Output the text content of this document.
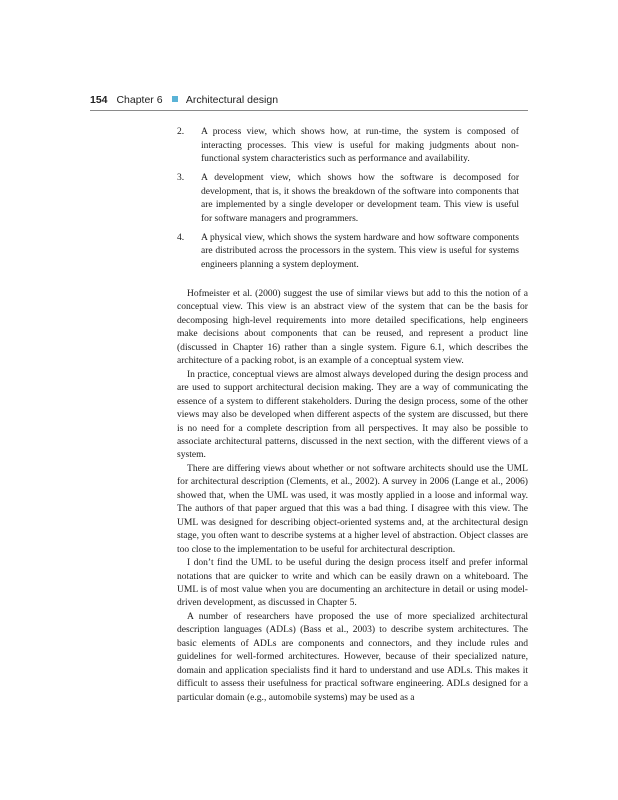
154 Chapter 6 Architectural design
2. A process view, which shows how, at run-time, the system is composed of interacting processes. This view is useful for making judgments about non-functional system characteristics such as performance and availability.
3. A development view, which shows how the software is decomposed for development, that is, it shows the breakdown of the software into components that are implemented by a single developer or development team. This view is useful for software managers and programmers.
4. A physical view, which shows the system hardware and how software components are distributed across the processors in the system. This view is useful for systems engineers planning a system deployment.

Hofmeister et al. (2000) suggest the use of similar views but add to this the notion of a conceptual view. This view is an abstract view of the system that can be the basis for decomposing high-level requirements into more detailed specifications, help engineers make decisions about components that can be reused, and represent a product line (discussed in Chapter 16) rather than a single system. Figure 6.1, which describes the architecture of a packing robot, is an example of a conceptual system view.

In practice, conceptual views are almost always developed during the design process and are used to support architectural decision making. They are a way of communicating the essence of a system to different stakeholders. During the design process, some of the other views may also be developed when different aspects of the system are discussed, but there is no need for a complete description from all perspectives. It may also be possible to associate architectural patterns, discussed in the next section, with the different views of a system.

There are differing views about whether or not software architects should use the UML for architectural description (Clements, et al., 2002). A survey in 2006 (Lange et al., 2006) showed that, when the UML was used, it was mostly applied in a loose and informal way. The authors of that paper argued that this was a bad thing. I disagree with this view. The UML was designed for describing object-oriented systems and, at the architectural design stage, you often want to describe systems at a higher level of abstraction. Object classes are too close to the implementation to be useful for architectural description.

I don’t find the UML to be useful during the design process itself and prefer informal notations that are quicker to write and which can be easily drawn on a whiteboard. The UML is of most value when you are documenting an architecture in detail or using model-driven development, as discussed in Chapter 5.

A number of researchers have proposed the use of more specialized architectural description languages (ADLs) (Bass et al., 2003) to describe system architectures. The basic elements of ADLs are components and connectors, and they include rules and guidelines for well-formed architectures. However, because of their specialized nature, domain and application specialists find it hard to understand and use ADLs. This makes it difficult to assess their usefulness for practical software engineering. ADLs designed for a particular domain (e.g., automobile systems) may be used as a
